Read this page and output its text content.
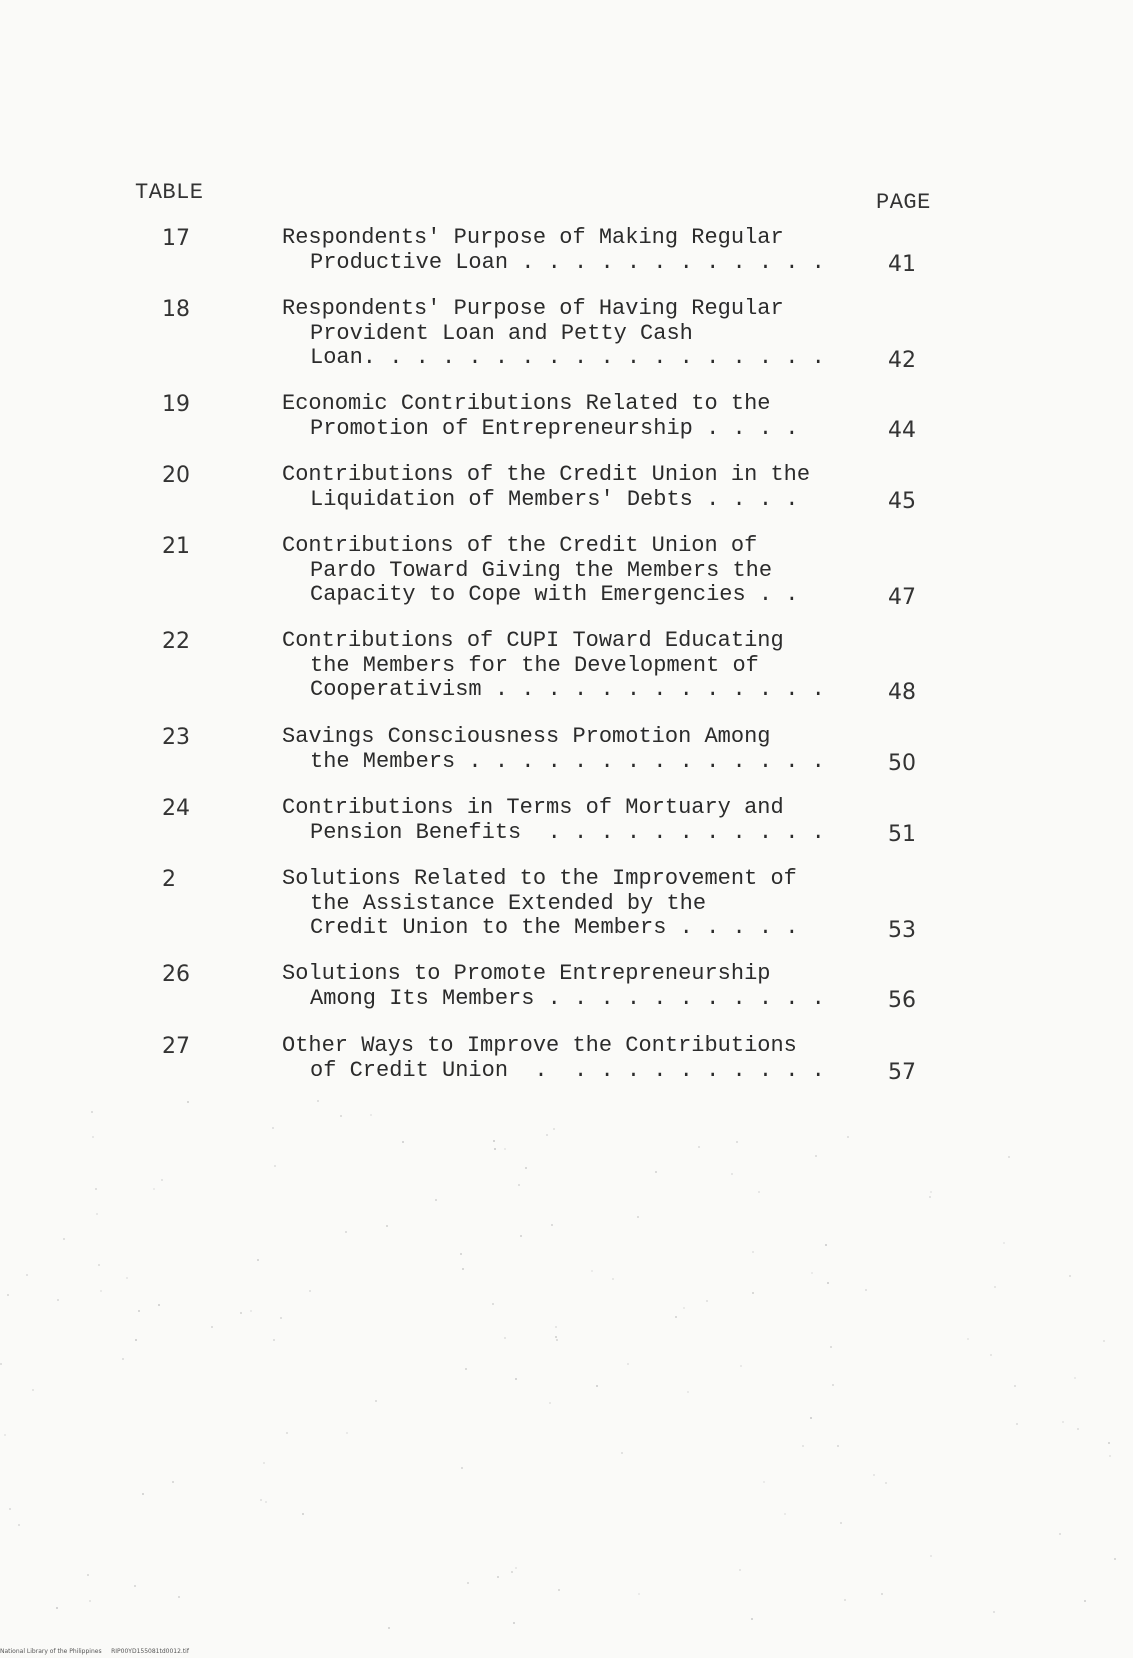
TABLE	PAGE
17	Respondents' Purpose of Making Regular
Productive Loan . . . . . . . . . . . .	41
18	Respondents' Purpose of Having Regular
Provident Loan and Petty Cash
Loan. . . . . . . . . . . . . . . . . .	42
19	Economic Contributions Related to the
Promotion of Entrepreneurship . . . .	44
20	Contributions of the Credit Union in the
Liquidation of Members' Debts . . . .	45
21	Contributions of the Credit Union of
Pardo Toward Giving the Members the
Capacity to Cope with Emergencies . .	47
22	Contributions of CUPI Toward Educating
the Members for the Development of
Cooperativism . . . . . . . . . . . . .	48
23	Savings Consciousness Promotion Among
the Members . . . . . . . . . . . . . .	50
24	Contributions in Terms of Mortuary and
Pension Benefits  . . . . . . . . . . .	51
2	Solutions Related to the Improvement of
the Assistance Extended by the
Credit Union to the Members . . . . .	53
26	Solutions to Promote Entrepreneurship
Among Its Members . . . . . . . . . . .	56
27	Other Ways to Improve the Contributions
of Credit Union  .  . . . . . . . . . .	57
National Library of the Philippines     RIP00YD155081td0012.tif
